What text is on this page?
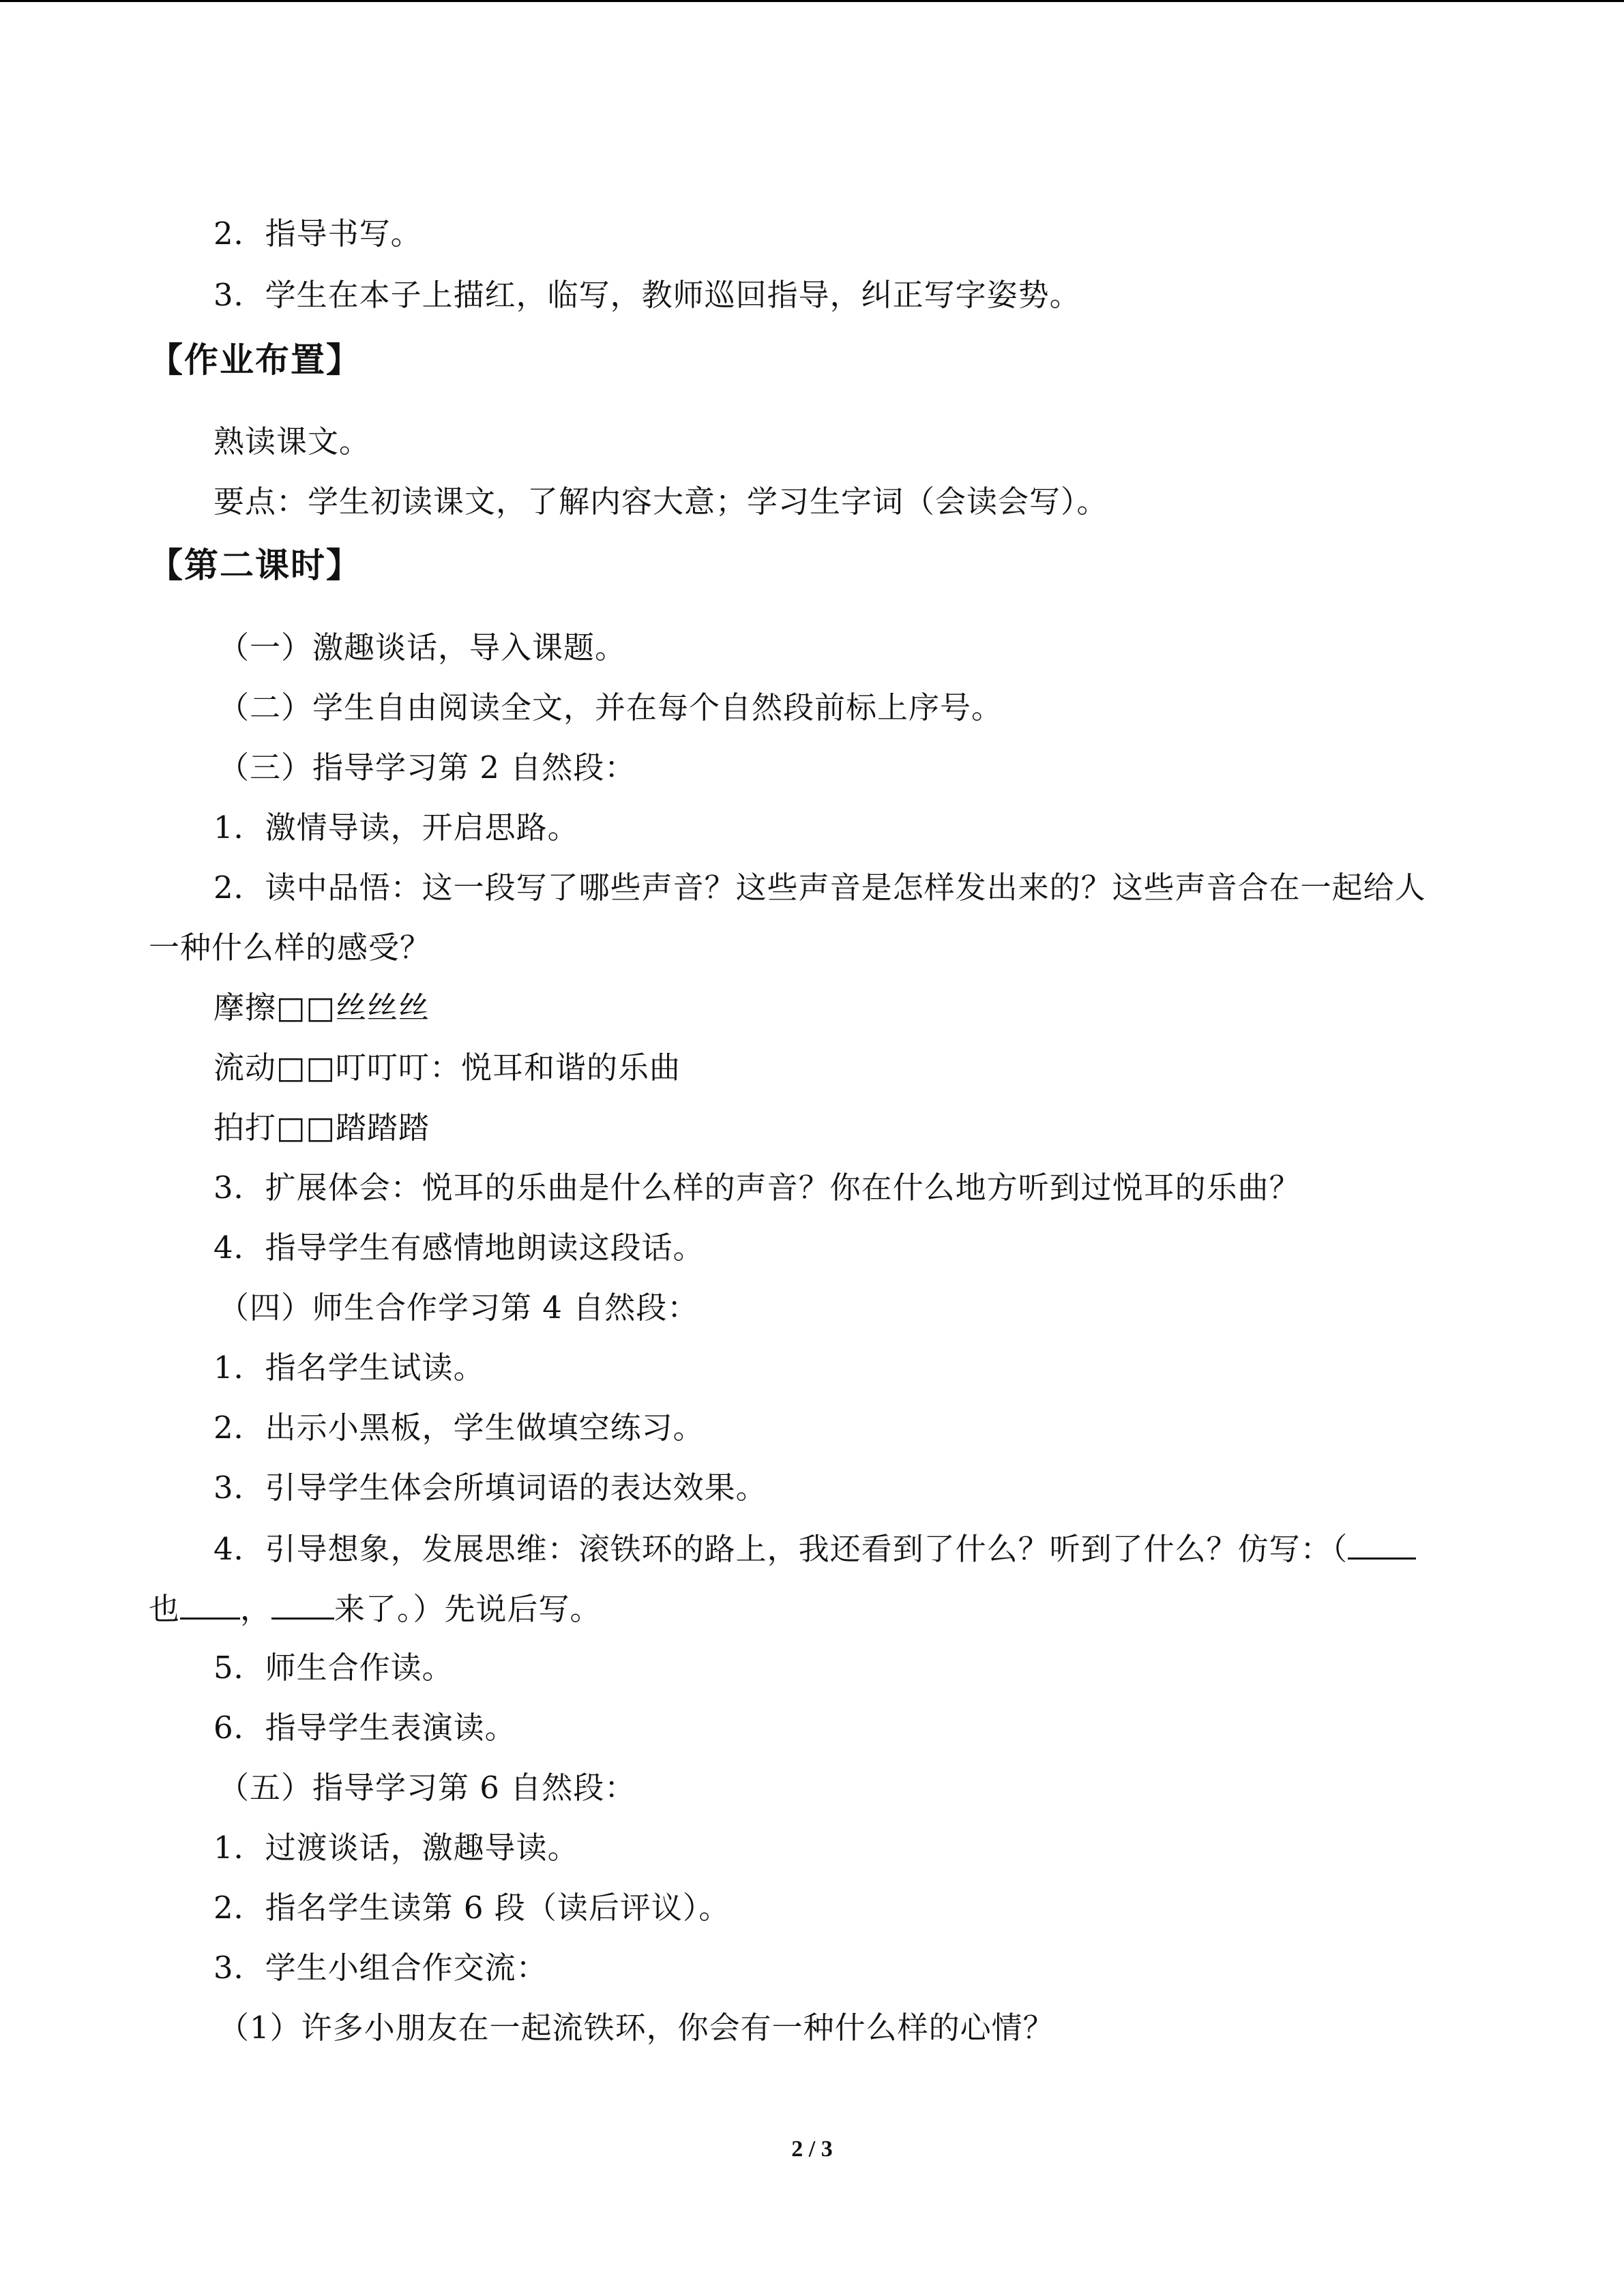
2．指导书写。
3．学生在本子上描红，临写，教师巡回指导，纠正写字姿势。
【作业布置】
熟读课文。
要点：学生初读课文，了解内容大意；学习生字词（会读会写）。
【第二课时】
（一）激趣谈话，导入课题。
（二）学生自由阅读全文，并在每个自然段前标上序号。
（三）指导学习第 2 自然段：
1．激情导读，开启思路。
2．读中品悟：这一段写了哪些声音？这些声音是怎样发出来的？这些声音合在一起给人
一种什么样的感受？
摩擦□□丝丝丝
流动□□叮叮叮：悦耳和谐的乐曲
拍打□□踏踏踏
3．扩展体会：悦耳的乐曲是什么样的声音？你在什么地方听到过悦耳的乐曲？
4．指导学生有感情地朗读这段话。
（四）师生合作学习第 4 自然段：
1．指名学生试读。
2．出示小黑板，学生做填空练习。
3．引导学生体会所填词语的表达效果。
4．引导想象，发展思维：滚铁环的路上，我还看到了什么？听到了什么？仿写：（
也 ， 来了。）先说后写。
5．师生合作读。
6．指导学生表演读。
（五）指导学习第 6 自然段：
1．过渡谈话，激趣导读。
2．指名学生读第 6 段（读后评议）。
3．学生小组合作交流：
（1）许多小朋友在一起流铁环，你会有一种什么样的心情？
2 / 3
